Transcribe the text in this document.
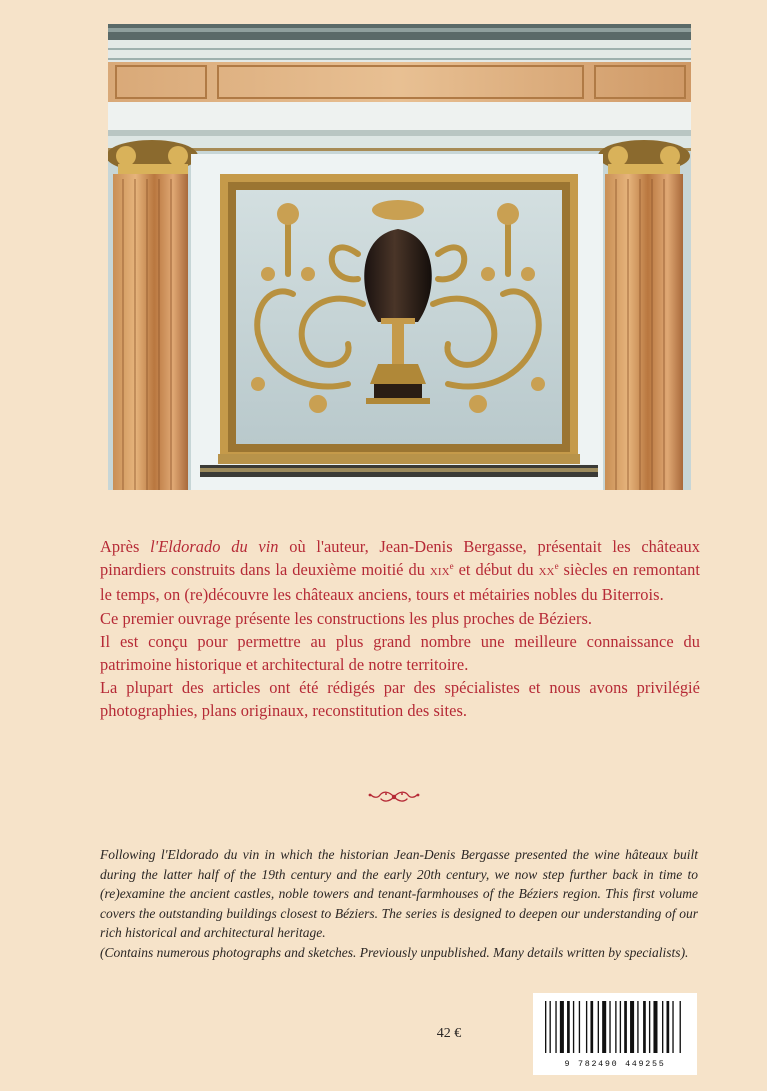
Après l'Eldorado du vin où l'auteur, Jean-Denis Bergasse, présentait les châteaux pinardiers construits dans la deuxième moitié du xix$^e$ et début du $xx^e$ siècles en remontant le temps, on (re)découvre les châteaux anciens, tours et métairies nobles du Biterrois.

Ce premier ouvrage présente les constructions les plus proches de Béziers.

Il est conçu pour permettre au plus grand nombre une meilleure connaissance du patrimoine historique et architectural de notre territoire.

La plupart des articles ont été rédigés par des spécialistes et nous avons privilégié photographies, plans originaux, reconstitution des sites.

Following l'Eldorado du vin in which the historian Jean-Denis Bergasse presented the wine hâteaux built during the latter half of the 19th century and the early 20th century, we now step further back in time to (re)examine the ancient castles, noble towers and tenant-farmhouses of the Béziers region. This first volume covers the outstanding buildings closest to Béziers. The series is designed to deepen our understanding of our rich historical and architectural heritage.

(Contains numerous photographs and sketches. Previously unpublished. Many details written by specialists).

42 €
9 782490 449255
